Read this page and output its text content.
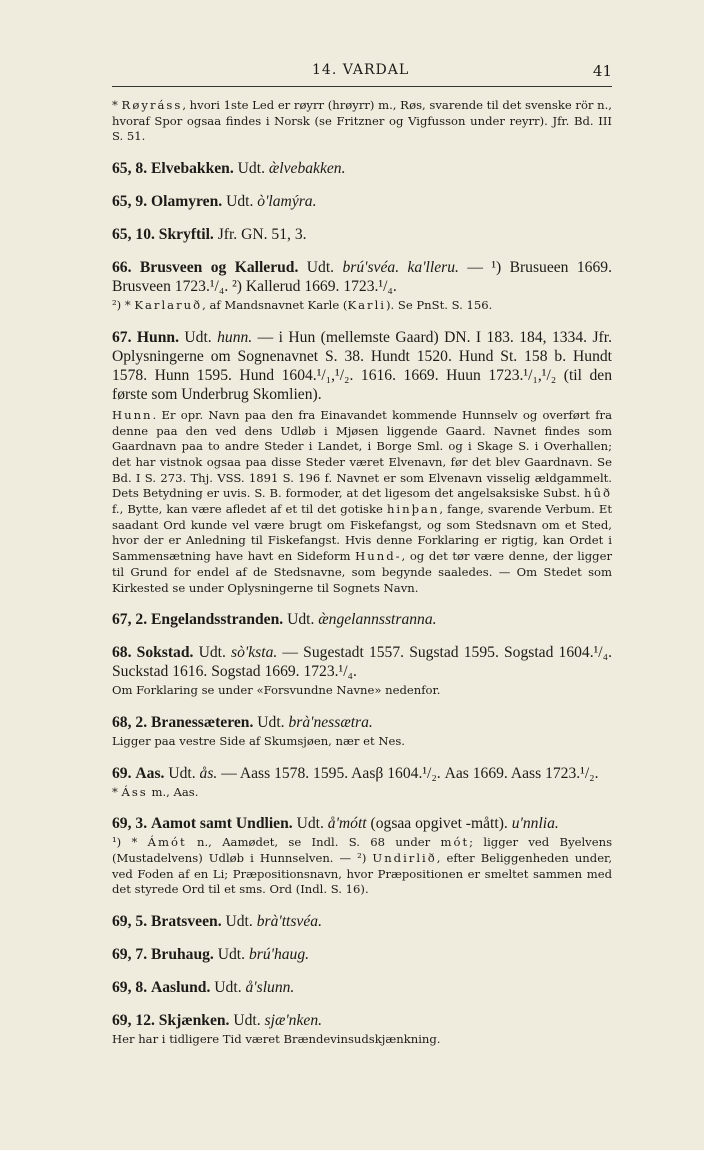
14. VARDAL	41

* Røyráss, hvori 1ste Led er røyrr (hrøyrr) m., Røs, svarende til det svenske rör n., hvoraf Spor ogsaa findes i Norsk (se Fritzner og Vigfusson under reyrr). Jfr. Bd. III S. 51.

65, 8. Elvebakken. Udt. æ̀lvebakken.

65, 9. Olamyren. Udt. ò'lamýra.

65, 10. Skryftil. Jfr. GN. 51, 3.

66. Brusveen og Kallerud. Udt. brú'svéa. ka'lleru. — ¹) Brusueen 1669. Brusveen 1723.¹/₄. ²) Kallerud 1669. 1723.¹/₄.

²) * Karlaruð, af Mandsnavnet Karle (Karli). Se PnSt. S. 156.

67. Hunn. Udt. hunn. — i Hun (mellemste Gaard) DN. I 183. 184, 1334. Jfr. Oplysningerne om Sognenavnet S. 38. Hundt 1520. Hund St. 158 b. Hundt 1578. Hunn 1595. Hund 1604.¹/₁,¹/₂. 1616. 1669. Huun 1723.¹/₁,¹/₂ (til den første som Underbrug Skomlien).

Hunn. Er opr. Navn paa den fra Einavandet kommende Hunnselv og overført fra denne paa den ved dens Udløb i Mjøsen liggende Gaard. Navnet findes som Gaardnavn paa to andre Steder i Landet, i Borge Sml. og i Skage S. i Overhallen; det har vistnok ogsaa paa disse Steder været Elvenavn, før det blev Gaardnavn. Se Bd. I S. 273. Thj. VSS. 1891 S. 196 f. Navnet er som Elvenavn visselig ældgammelt. Dets Betydning er uvis. S. B. formoder, at det ligesom det angelsaksiske Subst. hûð f., Bytte, kan være afledet af et til det gotiske hinþan, fange, svarende Verbum. Et saadant Ord kunde vel være brugt om Fiskefangst, og som Stedsnavn om et Sted, hvor der er Anledning til Fiskefangst. Hvis denne Forklaring er rigtig, kan Ordet i Sammensætning have havt en Sideform Hund-, og det tør være denne, der ligger til Grund for endel af de Stedsnavne, som begynde saaledes. — Om Stedet som Kirkested se under Oplysningerne til Sognets Navn.

67, 2. Engelandsstranden. Udt. æ̀ngelannsstranna.

68. Sokstad. Udt. sò'ksta. — Sugestadt 1557. Sugstad 1595. Sogstad 1604.¹/₄. Suckstad 1616. Sogstad 1669. 1723.¹/₄.

Om Forklaring se under «Forsvundne Navne» nedenfor.

68, 2. Branessæteren. Udt. brà'nessætra.

Ligger paa vestre Side af Skumsjøen, nær et Nes.

69. Aas. Udt. ås. — Aass 1578. 1595. Aasβ 1604.¹/₂. Aas 1669. Aass 1723.¹/₂.

* Áss m., Aas.

69, 3. Aamot samt Undlien. Udt. å'mótt (ogsaa opgivet -mått). u'nnlia.

¹) * Ámót n., Aamødet, se Indl. S. 68 under mót; ligger ved Byelvens (Mustadelvens) Udløb i Hunnselven. — ²) Undirlið, efter Beliggenheden under, ved Foden af en Li; Præpositionsnavn, hvor Præpositionen er smeltet sammen med det styrede Ord til et sms. Ord (Indl. S. 16).

69, 5. Bratsveen. Udt. brà'ttsvéa.

69, 7. Bruhaug. Udt. brú'haug.

69, 8. Aaslund. Udt. å'slunn.

69, 12. Skjænken. Udt. sjæ'nken.

Her har i tidligere Tid været Brændevinsudskjænkning.
